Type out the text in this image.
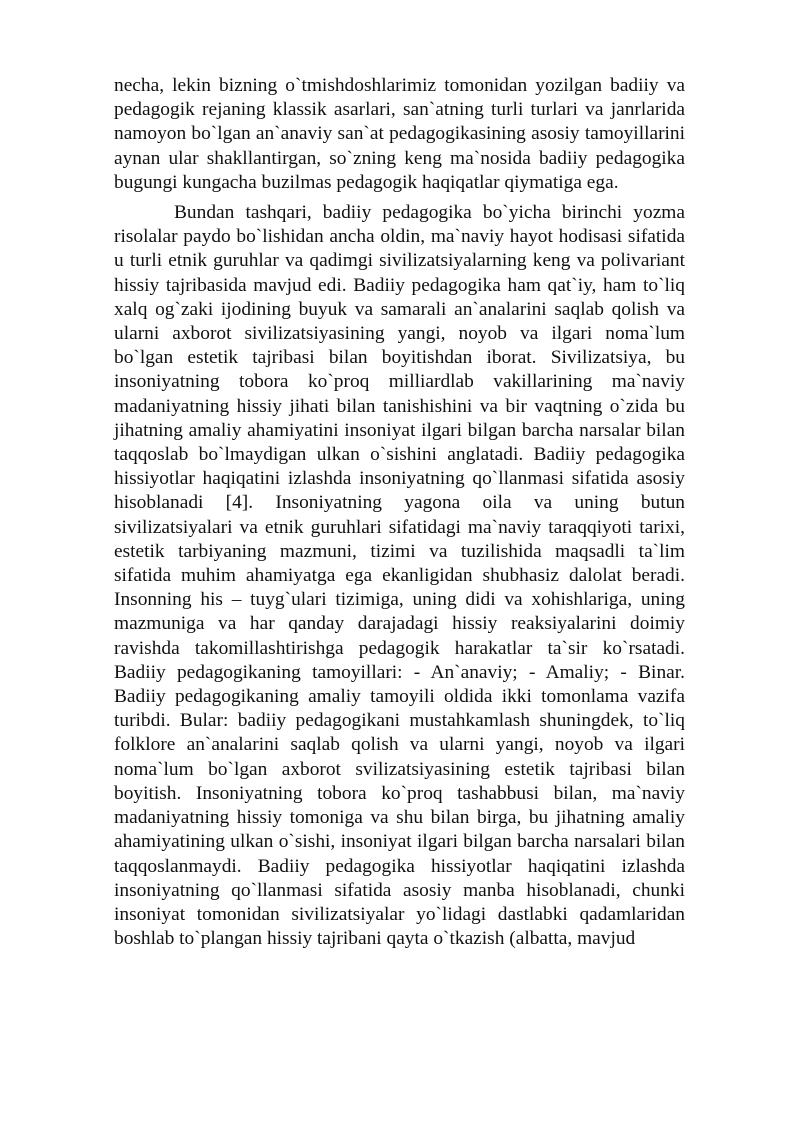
necha, lekin bizning o`tmishdoshlarimiz tomonidan yozilgan badiiy va pedagogik rejaning klassik asarlari, san`atning turli turlari va janrlarida namoyon bo`lgan an`anaviy san`at pedagogikasining asosiy tamoyillarini aynan ular shakllantirgan, so`zning keng ma`nosida badiiy pedagogika bugungi kungacha buzilmas pedagogik haqiqatlar qiymatiga ega.

Bundan tashqari, badiiy pedagogika bo`yicha birinchi yozma risolalar paydo bo`lishidan ancha oldin, ma`naviy hayot hodisasi sifatida u turli etnik guruhlar va qadimgi sivilizatsiyalarning keng va polivariant hissiy tajribasida mavjud edi. Badiiy pedagogika ham qat`iy, ham to`liq xalq og`zaki ijodining buyuk va samarali an`analarini saqlab qolish va ularni axborot sivilizatsiyasining yangi, noyob va ilgari noma`lum bo`lgan estetik tajribasi bilan boyitishdan iborat. Sivilizatsiya, bu insoniyatning tobora ko`proq milliardlab vakillarining ma`naviy madaniyatning hissiy jihati bilan tanishishini va bir vaqtning o`zida bu jihatning amaliy ahamiyatini insoniyat ilgari bilgan barcha narsalar bilan taqqoslab bo`lmaydigan ulkan o`sishini anglatadi. Badiiy pedagogika hissiyotlar haqiqatini izlashda insoniyatning qo`llanmasi sifatida asosiy hisoblanadi [4]. Insoniyatning yagona oila va uning butun sivilizatsiyalari va etnik guruhlari sifatidagi ma`naviy taraqqiyoti tarixi, estetik tarbiyaning mazmuni, tizimi va tuzilishida maqsadli ta`lim sifatida muhim ahamiyatga ega ekanligidan shubhasiz dalolat beradi. Insonning his – tuyg`ulari tizimiga, uning didi va xohishlariga, uning mazmuniga va har qanday darajadagi hissiy reaksiyalarini doimiy ravishda takomillashtirishga pedagogik harakatlar ta`sir ko`rsatadi. Badiiy pedagogikaning tamoyillari: - An`anaviy; - Amaliy; - Binar. Badiiy pedagogikaning amaliy tamoyili oldida ikki tomonlama vazifa turibdi. Bular: badiiy pedagogikani mustahkamlash shuningdek, to`liq folklore an`analarini saqlab qolish va ularni yangi, noyob va ilgari noma`lum bo`lgan axborot svilizatsiyasining estetik tajribasi bilan boyitish. Insoniyatning tobora ko`proq tashabbusi bilan, ma`naviy madaniyatning hissiy tomoniga va shu bilan birga, bu jihatning amaliy ahamiyatining ulkan o`sishi, insoniyat ilgari bilgan barcha narsalari bilan taqqoslanmaydi. Badiiy pedagogika hissiyotlar haqiqatini izlashda insoniyatning qo`llanmasi sifatida asosiy manba hisoblanadi, chunki insoniyat tomonidan sivilizatsiyalar yo`lidagi dastlabki qadamlaridan boshlab to`plangan hissiy tajribani qayta o`tkazish (albatta, mavjud
